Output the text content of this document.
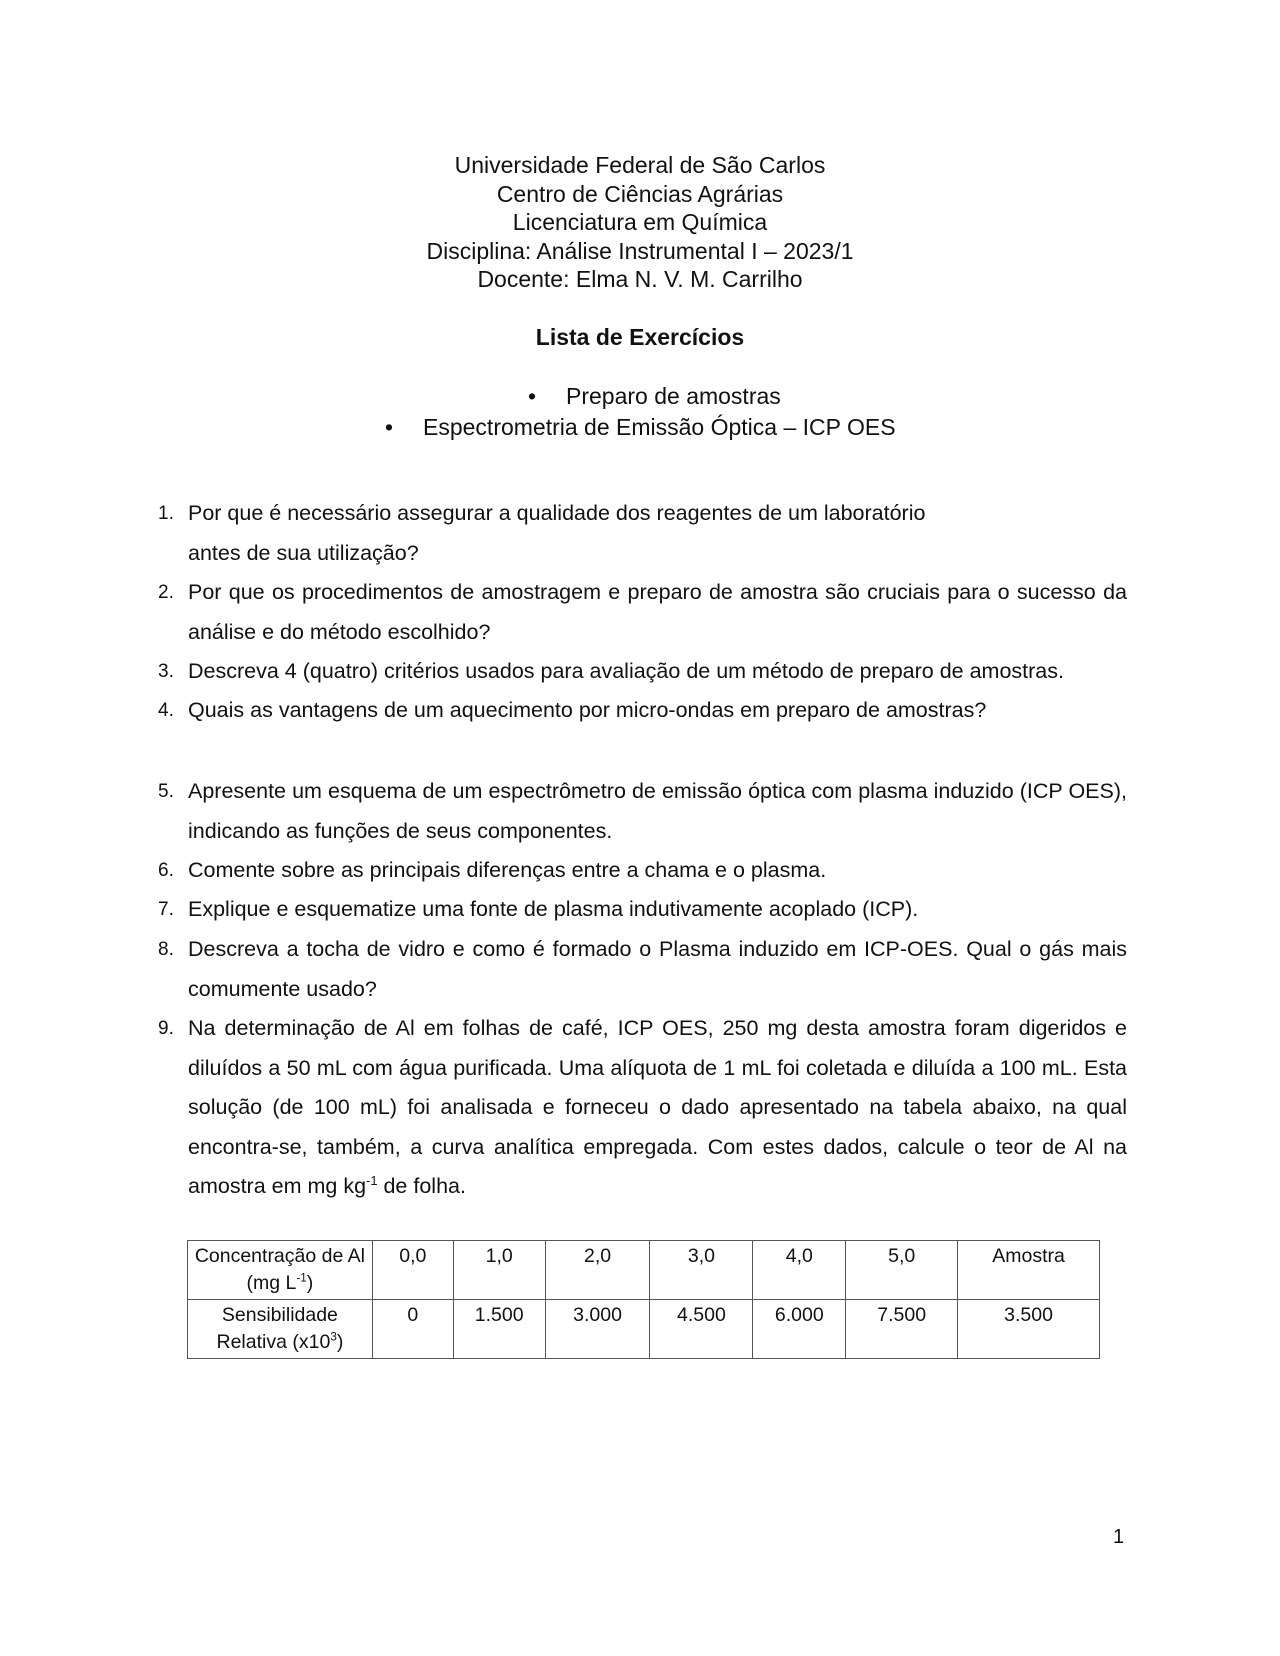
Universidade Federal de São Carlos
Centro de Ciências Agrárias
Licenciatura em Química
Disciplina: Análise Instrumental I – 2023/1
Docente: Elma N. V. M. Carrilho
Lista de Exercícios
• Preparo de amostras
• Espectrometria de Emissão Óptica – ICP OES
1. Por que é necessário assegurar a qualidade dos reagentes de um laboratório antes de sua utilização?
2. Por que os procedimentos de amostragem e preparo de amostra são cruciais para o sucesso da análise e do método escolhido?
3. Descreva 4 (quatro) critérios usados para avaliação de um método de preparo de amostras.
4. Quais as vantagens de um aquecimento por micro-ondas em preparo de amostras?
5. Apresente um esquema de um espectrômetro de emissão óptica com plasma induzido (ICP OES), indicando as funções de seus componentes.
6. Comente sobre as principais diferenças entre a chama e o plasma.
7. Explique e esquematize uma fonte de plasma indutivamente acoplado (ICP).
8. Descreva a tocha de vidro e como é formado o Plasma induzido em ICP-OES. Qual o gás mais comumente usado?
9. Na determinação de Al em folhas de café, ICP OES, 250 mg desta amostra foram digeridos e diluídos a 50 mL com água purificada. Uma alíquota de 1 mL foi coletada e diluída a 100 mL. Esta solução (de 100 mL) foi analisada e forneceu o dado apresentado na tabela abaixo, na qual encontra-se, também, a curva analítica empregada. Com estes dados, calcule o teor de Al na amostra em mg $kg^{-1}$ de folha.
Concentração de Al (mg $L^{-1}$)	0,0	1,0	2,0	3,0	4,0	5,0	Amostra
Sensibilidade Relativa $(x10^3)$	0	1.500	3.000	4.500	6.000	7.500	3.500
1
